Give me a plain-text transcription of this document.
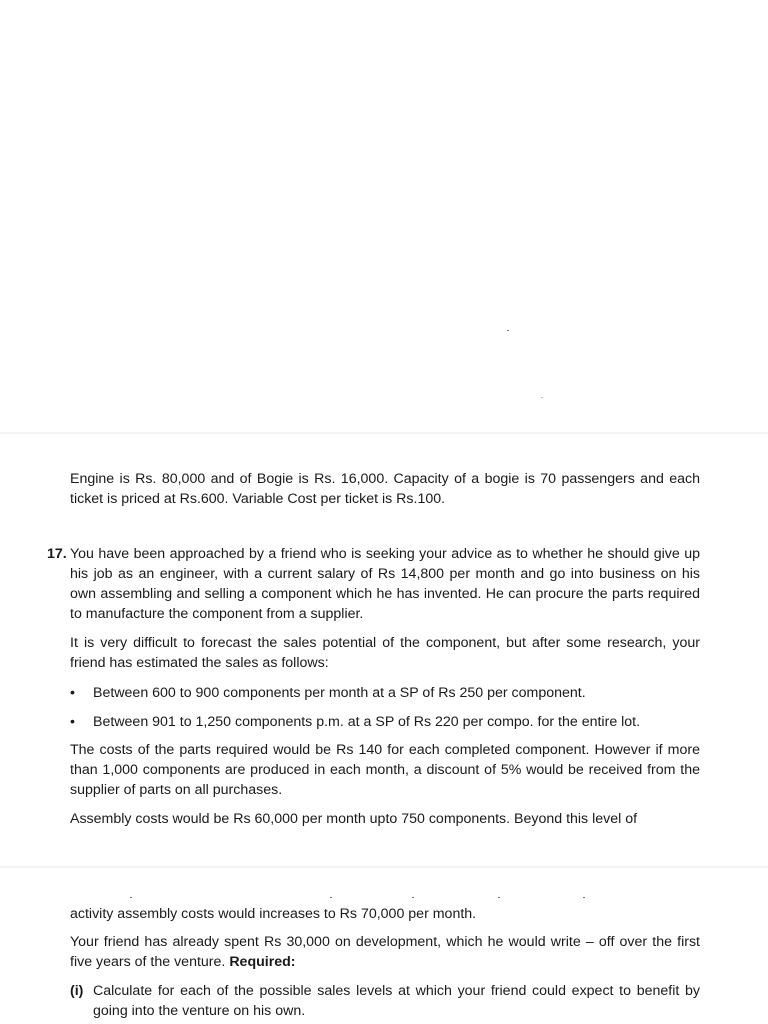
Engine is Rs. 80,000 and of Bogie is Rs. 16,000. Capacity of a bogie is 70 passengers and each ticket is priced at Rs.600. Variable Cost per ticket is Rs.100.

17. You have been approached by a friend who is seeking your advice as to whether he should give up his job as an engineer, with a current salary of Rs 14,800 per month and go into business on his own assembling and selling a component which he has invented. He can procure the parts required to manufacture the component from a supplier.

It is very difficult to forecast the sales potential of the component, but after some research, your friend has estimated the sales as follows:

• Between 600 to 900 components per month at a SP of Rs 250 per component.
• Between 901 to 1,250 components p.m. at a SP of Rs 220 per compo. for the entire lot.

The costs of the parts required would be Rs 140 for each completed component. However if more than 1,000 components are produced in each month, a discount of 5% would be received from the supplier of parts on all purchases.

Assembly costs would be Rs 60,000 per month upto 750 components. Beyond this level of

activity assembly costs would increases to Rs 70,000 per month.

Your friend has already spent Rs 30,000 on development, which he would write – off over the first five years of the venture. Required:

(i) Calculate for each of the possible sales levels at which your friend could expect to benefit by going into the venture on his own.
